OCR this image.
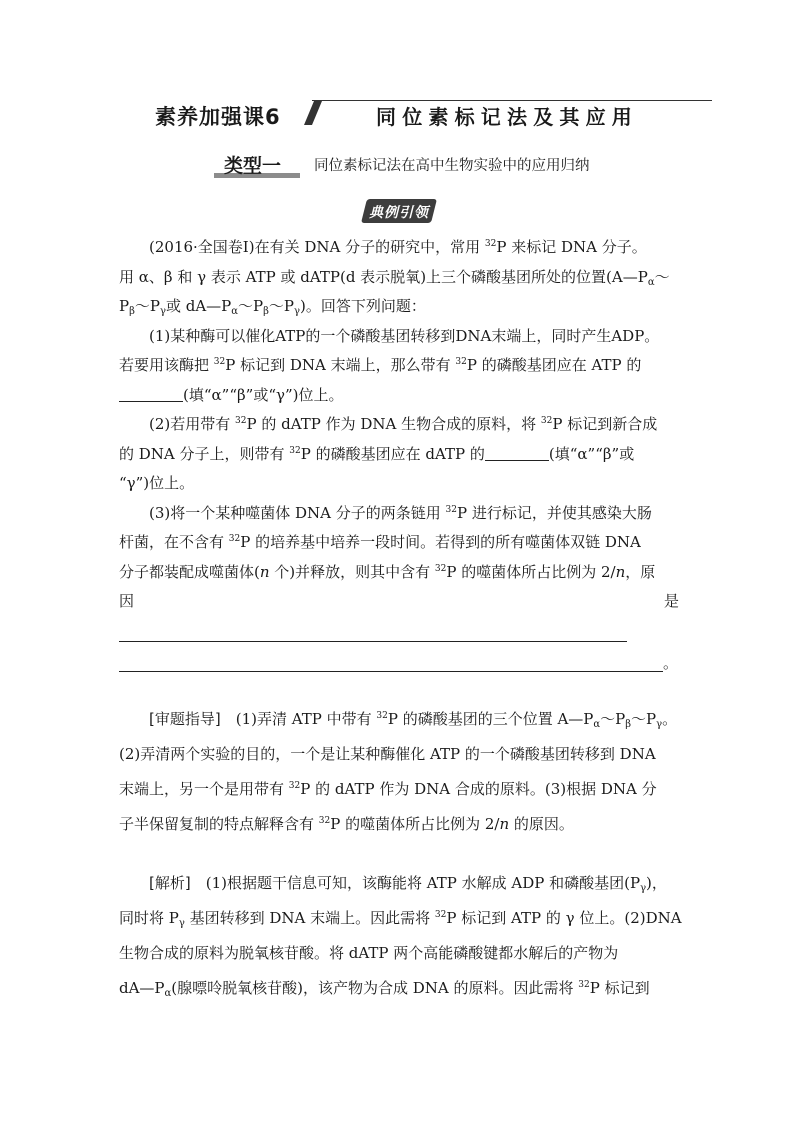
素养加强课6	同位素标记法及其应用
类型一 同位素标记法在高中生物实验中的应用归纳
典例引领
(2016·全国卷Ⅰ)在有关 DNA 分子的研究中，常用 $^{32}$P 来标记 DNA 分子。
用 α、β 和 γ 表示 ATP 或 dATP(d 表示脱氧)上三个磷酸基团所处的位置($A—P_\alpha\sim$
$P_\beta\sim P_\gamma$或 $dA—P_\alpha\sim P_\beta\sim P_\gamma$)。回答下列问题：
(1)某种酶可以催化ATP的一个磷酸基团转移到DNA末端上，同时产生ADP。
若要用该酶把 $^{32}$P 标记到 DNA 末端上，那么带有 $^{32}$P 的磷酸基团应在 ATP 的
(填“α”“β”或“γ”)位上。
(2)若用带有 $^{32}$P 的 dATP 作为 DNA 生物合成的原料，将 $^{32}$P 标记到新合成
的 DNA 分子上，则带有 $^{32}$P 的磷酸基团应在 dATP 的	(填“α”“β”或
“γ”)位上。
(3)将一个某种噬菌体 DNA 分子的两条链用 $^{32}$P 进行标记，并使其感染大肠
杆菌，在不含有 $^{32}$P 的培养基中培养一段时间。若得到的所有噬菌体双链 DNA
分子都装配成噬菌体(n 个)并释放，则其中含有 $^{32}$P 的噬菌体所占比例为 2/n，原
因	是
。
[审题指导]　(1)弄清 ATP 中带有 $^{32}$P 的磷酸基团的三个位置 $A—P_\alpha\sim P_\beta\sim P_\gamma$。
(2)弄清两个实验的目的，一个是让某种酶催化 ATP 的一个磷酸基团转移到 DNA
末端上，另一个是用带有 $^{32}$P 的 dATP 作为 DNA 合成的原料。(3)根据 DNA 分
子半保留复制的特点解释含有 $^{32}$P 的噬菌体所占比例为 2/n 的原因。
[解析]　(1)根据题干信息可知，该酶能将 ATP 水解成 ADP 和磷酸基团$(P_\gamma)$，
同时将 $P_\gamma$ 基团转移到 DNA 末端上。因此需将 $^{32}$P 标记到 ATP 的 γ 位上。(2)DNA
生物合成的原料为脱氧核苷酸。将 dATP 两个高能磷酸键都水解后的产物为
$dA—P_\alpha$(腺嘌呤脱氧核苷酸)，该产物为合成 DNA 的原料。因此需将 $^{32}$P 标记到
